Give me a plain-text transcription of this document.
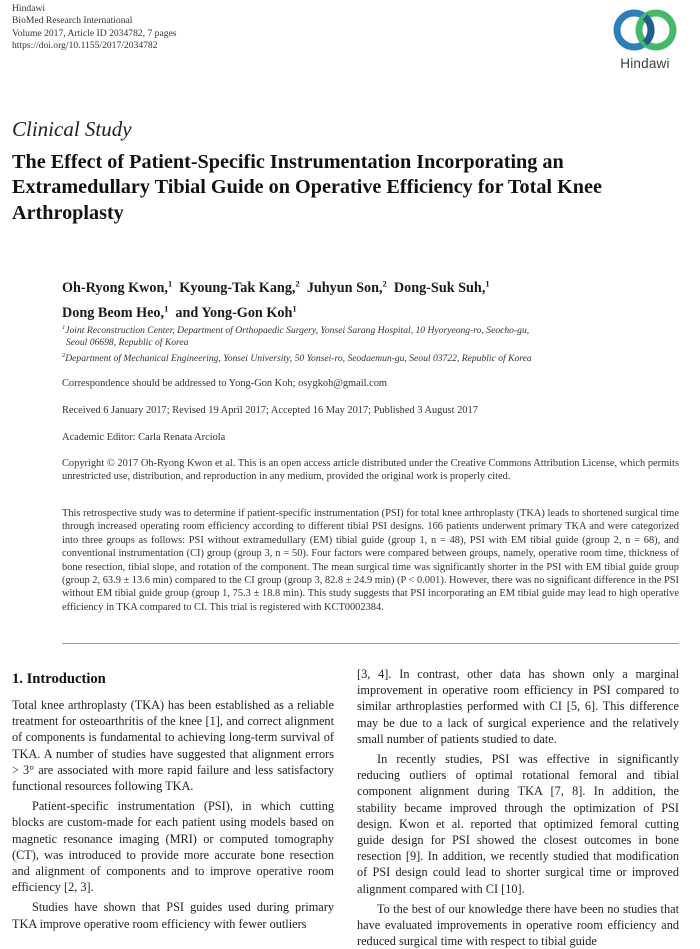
Hindawi
BioMed Research International
Volume 2017, Article ID 2034782, 7 pages
https://doi.org/10.1155/2017/2034782
Hindawi
Clinical Study
The Effect of Patient-Specific Instrumentation Incorporating an Extramedullary Tibial Guide on Operative Efficiency for Total Knee Arthroplasty
Oh-Ryong Kwon,$^1$ Kyoung-Tak Kang,$^2$ Juhyun Son,$^2$ Dong-Suk Suh,$^1$
Dong Beom Heo,$^1$ and Yong-Gon Koh$^1$
$^1$Joint Reconstruction Center, Department of Orthopaedic Surgery, Yonsei Sarang Hospital, 10 Hyoryeong-ro, Seocho-gu,
Seoul 06698, Republic of Korea
$^2$Department of Mechanical Engineering, Yonsei University, 50 Yonsei-ro, Seodaemun-gu, Seoul 03722, Republic of Korea
Correspondence should be addressed to Yong-Gon Koh; osygkoh@gmail.com
Received 6 January 2017; Revised 19 April 2017; Accepted 16 May 2017; Published 3 August 2017
Academic Editor: Carla Renata Arciola
Copyright © 2017 Oh-Ryong Kwon et al. This is an open access article distributed under the Creative Commons Attribution License, which permits unrestricted use, distribution, and reproduction in any medium, provided the original work is properly cited.
This retrospective study was to determine if patient-specific instrumentation (PSI) for total knee arthroplasty (TKA) leads to shortened surgical time through increased operating room efficiency according to different tibial PSI designs. 166 patients underwent primary TKA and were categorized into three groups as follows: PSI without extramedullary (EM) tibial guide (group 1, n = 48), PSI with EM tibial guide (group 2, n = 68), and conventional instrumentation (CI) group (group 3, n = 50). Four factors were compared between groups, namely, operative room time, thickness of bone resection, tibial slope, and rotation of the component. The mean surgical time was significantly shorter in the PSI with EM tibial guide group (group 2, 63.9 ± 13.6 min) compared to the CI group (group 3, 82.8 ± 24.9 min) (P < 0.001). However, there was no significant difference in the PSI without EM tibial guide group (group 1, 75.3 ± 18.8 min). This study suggests that PSI incorporating an EM tibial guide may lead to high operative efficiency in TKA compared to CI. This trial is registered with KCT0002384.
1. Introduction

Total knee arthroplasty (TKA) has been established as a reliable treatment for osteoarthritis of the knee [1], and correct alignment of components is fundamental to achieving long-term survival of TKA. A number of studies have suggested that alignment errors > 3° are associated with more rapid failure and less satisfactory functional resources following TKA.

Patient-specific instrumentation (PSI), in which cutting blocks are custom-made for each patient using models based on magnetic resonance imaging (MRI) or computed tomography (CT), was introduced to provide more accurate bone resection and alignment of components and to improve operative room efficiency [2, 3].

Studies have shown that PSI guides used during primary TKA improve operative room efficiency with fewer outliers

[3, 4]. In contrast, other data has shown only a marginal improvement in operative room efficiency in PSI compared to similar arthroplasties performed with CI [5, 6]. This difference may be due to a lack of surgical experience and the relatively small number of patients studied to date.

In recently studies, PSI was effective in significantly reducing outliers of optimal rotational femoral and tibial component alignment during TKA [7, 8]. In addition, the stability became improved through the optimization of PSI design. Kwon et al. reported that optimized femoral cutting guide design for PSI showed the closest outcomes in bone resection [9]. In addition, we recently studied that modification of PSI design could lead to shorter surgical time or improved alignment compared with CI [10].

To the best of our knowledge there have been no studies that have evaluated improvements in operative room efficiency and reduced surgical time with respect to tibial guide
